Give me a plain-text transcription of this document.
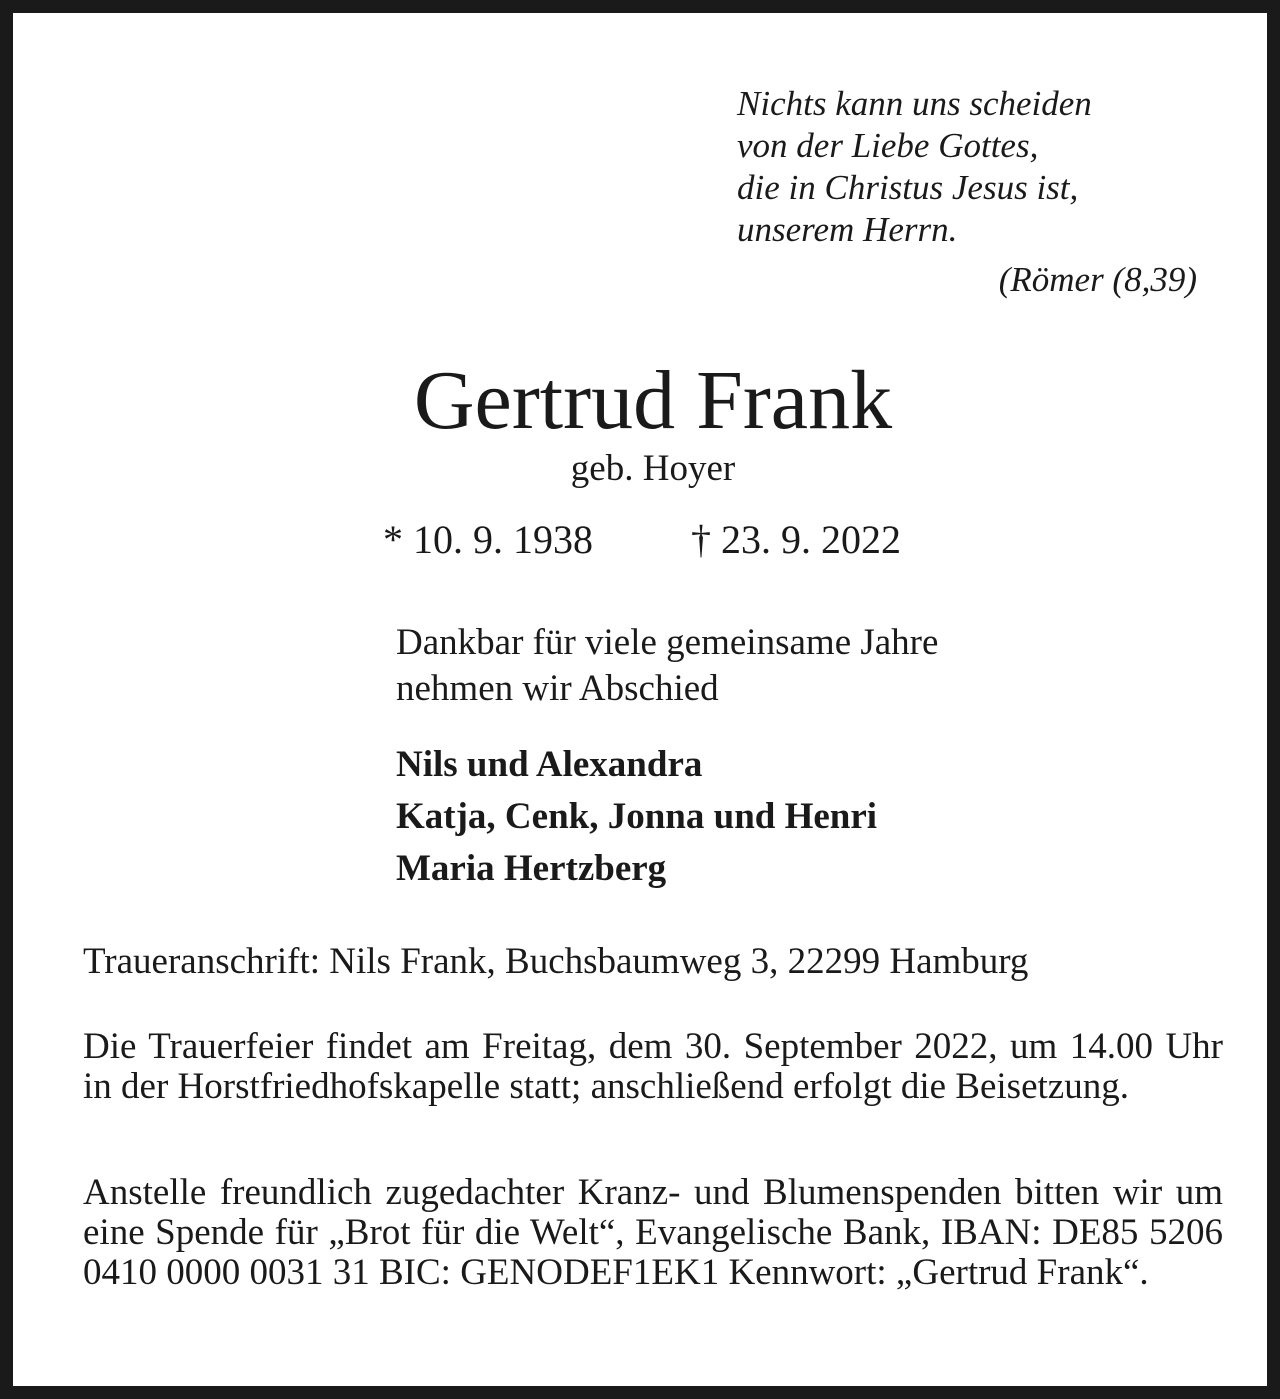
Nichts kann uns scheiden
von der Liebe Gottes,
die in Christus Jesus ist,
unserem Herrn.
(Römer (8,39)
Gertrud Frank
geb. Hoyer
* 10. 9. 1938 † 23. 9. 2022
Dankbar für viele gemeinsame Jahre
nehmen wir Abschied
Nils und Alexandra
Katja, Cenk, Jonna und Henri
Maria Hertzberg
Traueranschrift: Nils Frank, Buchsbaumweg 3, 22299 Hamburg

Die Trauerfeier findet am Freitag, dem 30. September 2022, um 14.00 Uhr in der Horstfriedhofskapelle statt; anschließend erfolgt die Beisetzung.

Anstelle freundlich zugedachter Kranz- und Blumenspenden bitten wir um eine Spende für „Brot für die Welt“, Evangelische Bank, IBAN: DE85 5206 0410 0000 0031 31 BIC: GENODEF1EK1 Kennwort: „Gertrud Frank“.
